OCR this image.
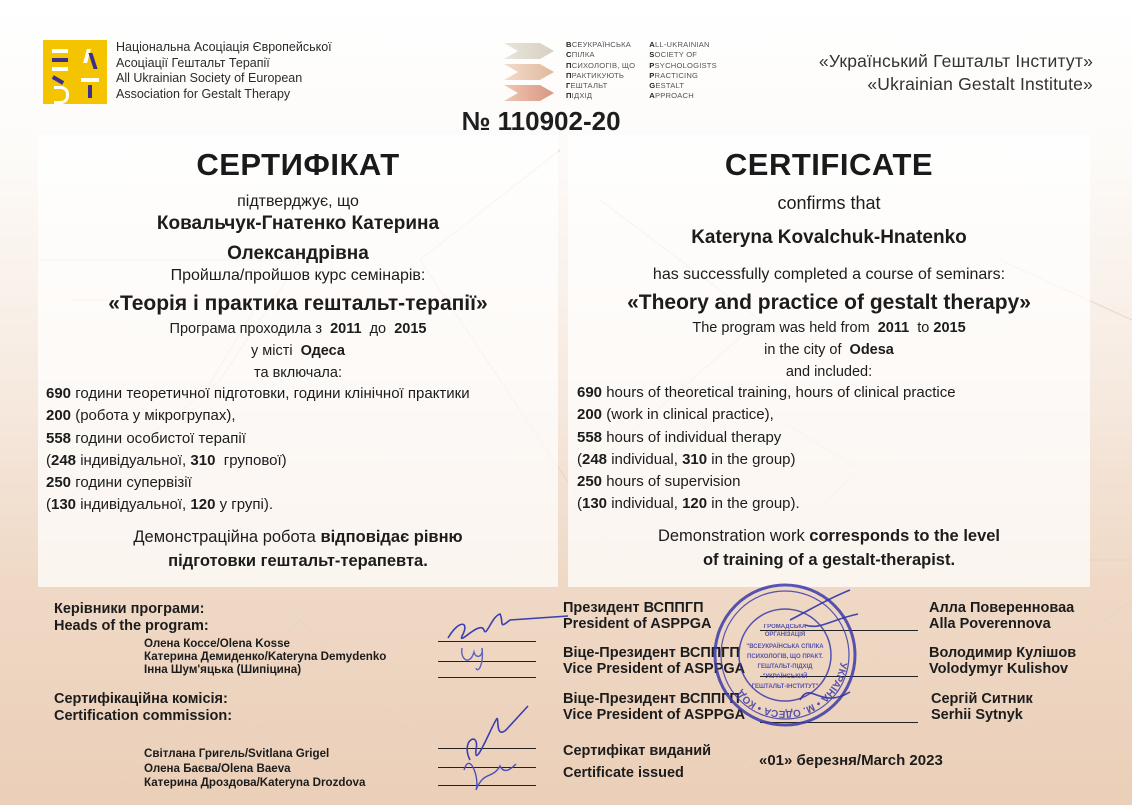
Національна Асоціація Європейської
Асоціації Гештальт Терапії
All Ukrainian Society of European
Association for Gestalt Therapy
ВСЕУКРАЇНСЬКА
СПІЛКА
ПСИХОЛОГІВ, ЩО
ПРАКТИКУЮТЬ
ГЕШТАЛЬТ
ПІДХІД
ALL-UKRAINIAN
SOCIETY OF
PSYCHOLOGISTS
PRACTICING
GESTALT
APPROACH
«Український Гештальт Інститут»
«Ukrainian Gestalt Institute»
№ 110902-20
СЕРТИФІКАТ
підтверджує, що
Ковальчук-Гнатенко Катерина
Олександрівна
Пройшла/пройшов курс семінарів:
«Теорія і практика гештальт-терапії»
Програма проходила з 2011 до 2015
у місті Одеса
та включала:
690 години теоретичної підготовки, години клінічної практики
200 (робота у мікрогрупах),
558 години особистої терапії
(248 індивідуальної, 310 групової)
250 години супервізії
(130 індивідуальної, 120 у групі).
Демонстраційна робота відповідає рівню
підготовки гештальт-терапевта.
CERTIFICATE
confirms that
Kateryna Kovalchuk-Hnatenko
has successfully completed a course of seminars:
«Theory and practice of gestalt therapy»
The program was held from 2011 to 2015
in the city of Odesa
and included:
690 hours of theoretical training, hours of clinical practice
200 (work in clinical practice),
558 hours of individual therapy
(248 individual, 310 in the group)
250 hours of supervision
(130 individual, 120 in the group).
Demonstration work corresponds to the level
of training of a gestalt-therapist.
Керівники програми:
Heads of the program:
Олена Коссе/Olena Kosse
Катерина Демиденко/Kateryna Demydenko
Інна Шум'яцька (Шипіцина)
Сертифікаційна комісія:
Certification commission:
Світлана Григель/Svitlana Grigel
Олена Баєва/Olena Baeva
Катерина Дроздова/Kateryna Drozdova
Президент ВСППГП
President of ASPPGA
Алла Поверенноваа
Alla Poverennova
Віце-Президент ВСППГП
Vice President of ASPPGA
Володимир Кулішов
Volodymyr Kulishov
Віце-Президент ВСППГП
Vice President of ASPPGA
Сергій Ситник
Serhii Sytnyk
Сертифікат виданий
Certificate issued
«01» березня/March 2023
УКРАЇНА • М. ОДЕСА • КОД
ГРОМАДСЬКА
ОРГАНІЗАЦІЯ
"ВСЕУКРАЇНСЬКА СПІЛКА
ПСИХОЛОГІВ, ЩО ПРАКТ.
ГЕШТАЛЬТ-ПІДХІД
"УКРАЇНСЬКИЙ
ГЕШТАЛЬТ-ІНСТИТУТ"
